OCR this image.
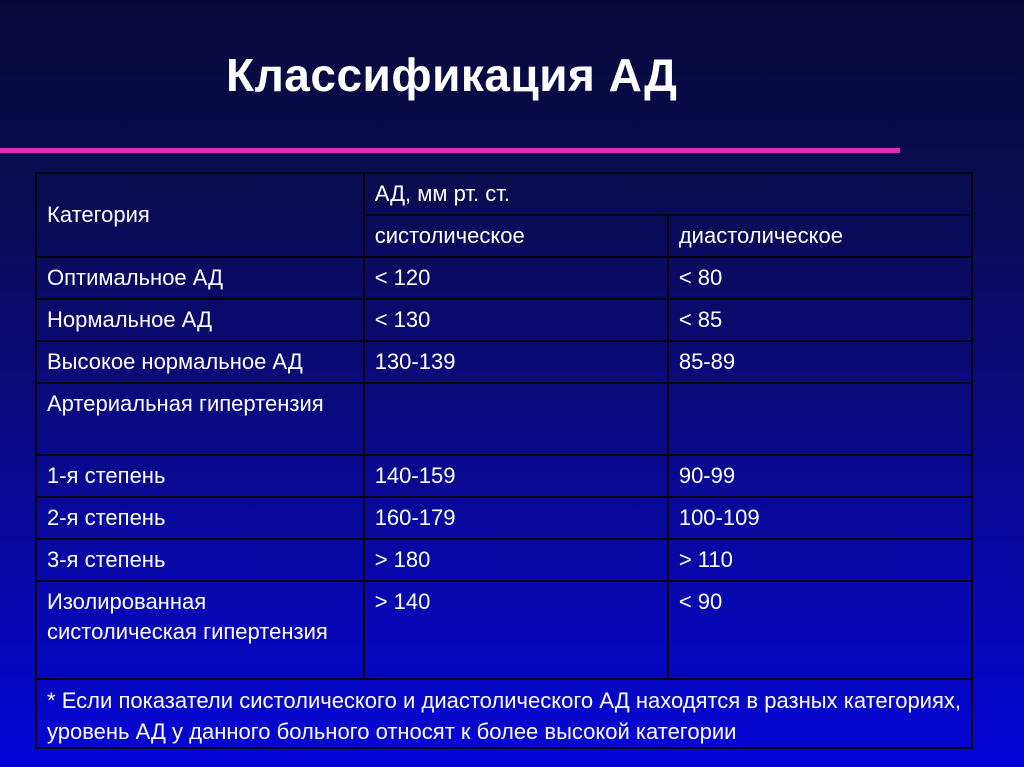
Классификация АД
Категория	АД, мм рт. ст.	
	систолическое	диастолическое
Оптимальное АД	< 120	< 80
Нормальное АД	< 130	< 85
Высокое нормальное АД	130-139	85-89
Артериальная гипертензия		
1-я степень	140-159	90-99
2-я степень	160-179	100-109
3-я степень	> 180	> 110
Изолированная систолическая гипертензия	> 140	< 90
* Если показатели систолического и диастолического АД находятся в разных категориях, уровень АД у данного больного относят к более высокой категории		
